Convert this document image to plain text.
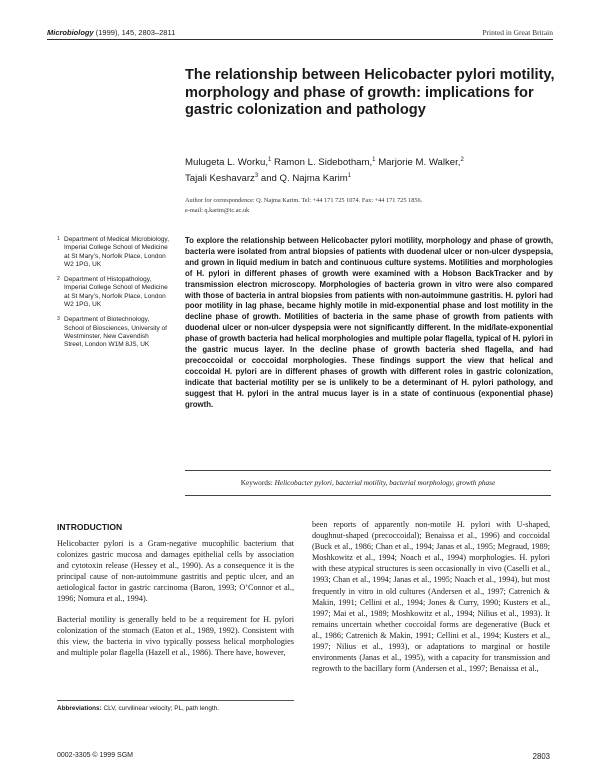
Microbiology (1999), 145, 2803–2811	Printed in Great Britain
The relationship between Helicobacter pylori motility, morphology and phase of growth: implications for gastric colonization and pathology
Mulugeta L. Worku,$^1$ Ramon L. Sidebotham,$^1$ Marjorie M. Walker,$^2$
Tajali Keshavarz$^3$ and Q. Najma Karim$^1$
Author for correspondence: Q. Najma Karim. Tel: +44 171 725 1074. Fax: +44 171 725 1856.
e-mail: q.karim@ic.ac.uk
1 Department of Medical Microbiology, Imperial College School of Medicine at St Mary’s, Norfolk Place, London W2 1PG, UK
2 Department of Histopathology, Imperial College School of Medicine at St Mary’s, Norfolk Place, London W2 1PG, UK
3 Department of Biotechnology, School of Biosciences, University of Westminster, New Cavendish Street, London W1M 8JS, UK

To explore the relationship between Helicobacter pylori motility, morphology and phase of growth, bacteria were isolated from antral biopsies of patients with duodenal ulcer or non-ulcer dyspepsia, and grown in liquid medium in batch and continuous culture systems. Motilities and morphologies of H. pylori in different phases of growth were examined with a Hobson BackTracker and by transmission electron microscopy. Morphologies of bacteria grown in vitro were also compared with those of bacteria in antral biopsies from patients with non-autoimmune gastritis. H. pylori had poor motility in lag phase, became highly motile in mid-exponential phase and lost motility in the decline phase of growth. Motilities of bacteria in the same phase of growth from patients with duodenal ulcer or non-ulcer dyspepsia were not significantly different. In the mid/late-exponential phase of growth bacteria had helical morphologies and multiple polar flagella, typical of H. pylori in the gastric mucus layer. In the decline phase of growth bacteria shed flagella, and had precoccoidal or coccoidal morphologies. These findings support the view that helical and coccoidal H. pylori are in different phases of growth with different roles in gastric colonization, indicate that bacterial motility per se is unlikely to be a determinant of H. pylori pathology, and suggest that H. pylori in the antral mucus layer is in a state of continuous (exponential phase) growth.

Keywords: Helicobacter pylori, bacterial motility, bacterial morphology, growth phase
INTRODUCTION

Helicobacter pylori is a Gram-negative mucophilic bacterium that colonizes gastric mucosa and damages epithelial cells by association and cytotoxin release (Hessey et al., 1990). As a consequence it is the principal cause of non-autoimmune gastritis and peptic ulcer, and an aetiological factor in gastric carcinoma (Baron, 1993; O’Connor et al., 1996; Nomura et al., 1994).

Bacterial motility is generally held to be a requirement for H. pylori colonization of the stomach (Eaton et al., 1989, 1992). Consistent with this view, the bacteria in vivo typically possess helical morphologies and multiple polar flagella (Hazell et al., 1986). There have, however,

been reports of apparently non-motile H. pylori with U-shaped, doughnut-shaped (precoccoidal); Benaissa et al., 1996) and coccoidal (Buck et al., 1986; Chan et al., 1994; Janas et al., 1995; Megraud, 1989; Moshkowitz et al., 1994; Noach et al., 1994) morphologies. H. pylori with these atypical structures is seen occasionally in vivo (Caselli et al., 1993; Chan et al., 1994; Janas et al., 1995; Noach et al., 1994), but most frequently in vitro in old cultures (Andersen et al., 1997; Catrenich & Makin, 1991; Cellini et al., 1994; Jones & Curry, 1990; Kusters et al., 1997; Mai et al., 1989; Moshkowitz et al., 1994; Nilius et al., 1993). It remains uncertain whether coccoidal forms are degenerative (Buck et al., 1986; Catrenich & Makin, 1991; Cellini et al., 1994; Kusters et al., 1997; Nilius et al., 1993), or adaptations to marginal or hostile environments (Janas et al., 1995), with a capacity for transmission and regrowth to the bacillary form (Andersen et al., 1997; Benaissa et al.,

Abbreviations: CLV, curvilinear velocity; PL, path length.
0002-3305 © 1999 SGM	2803
